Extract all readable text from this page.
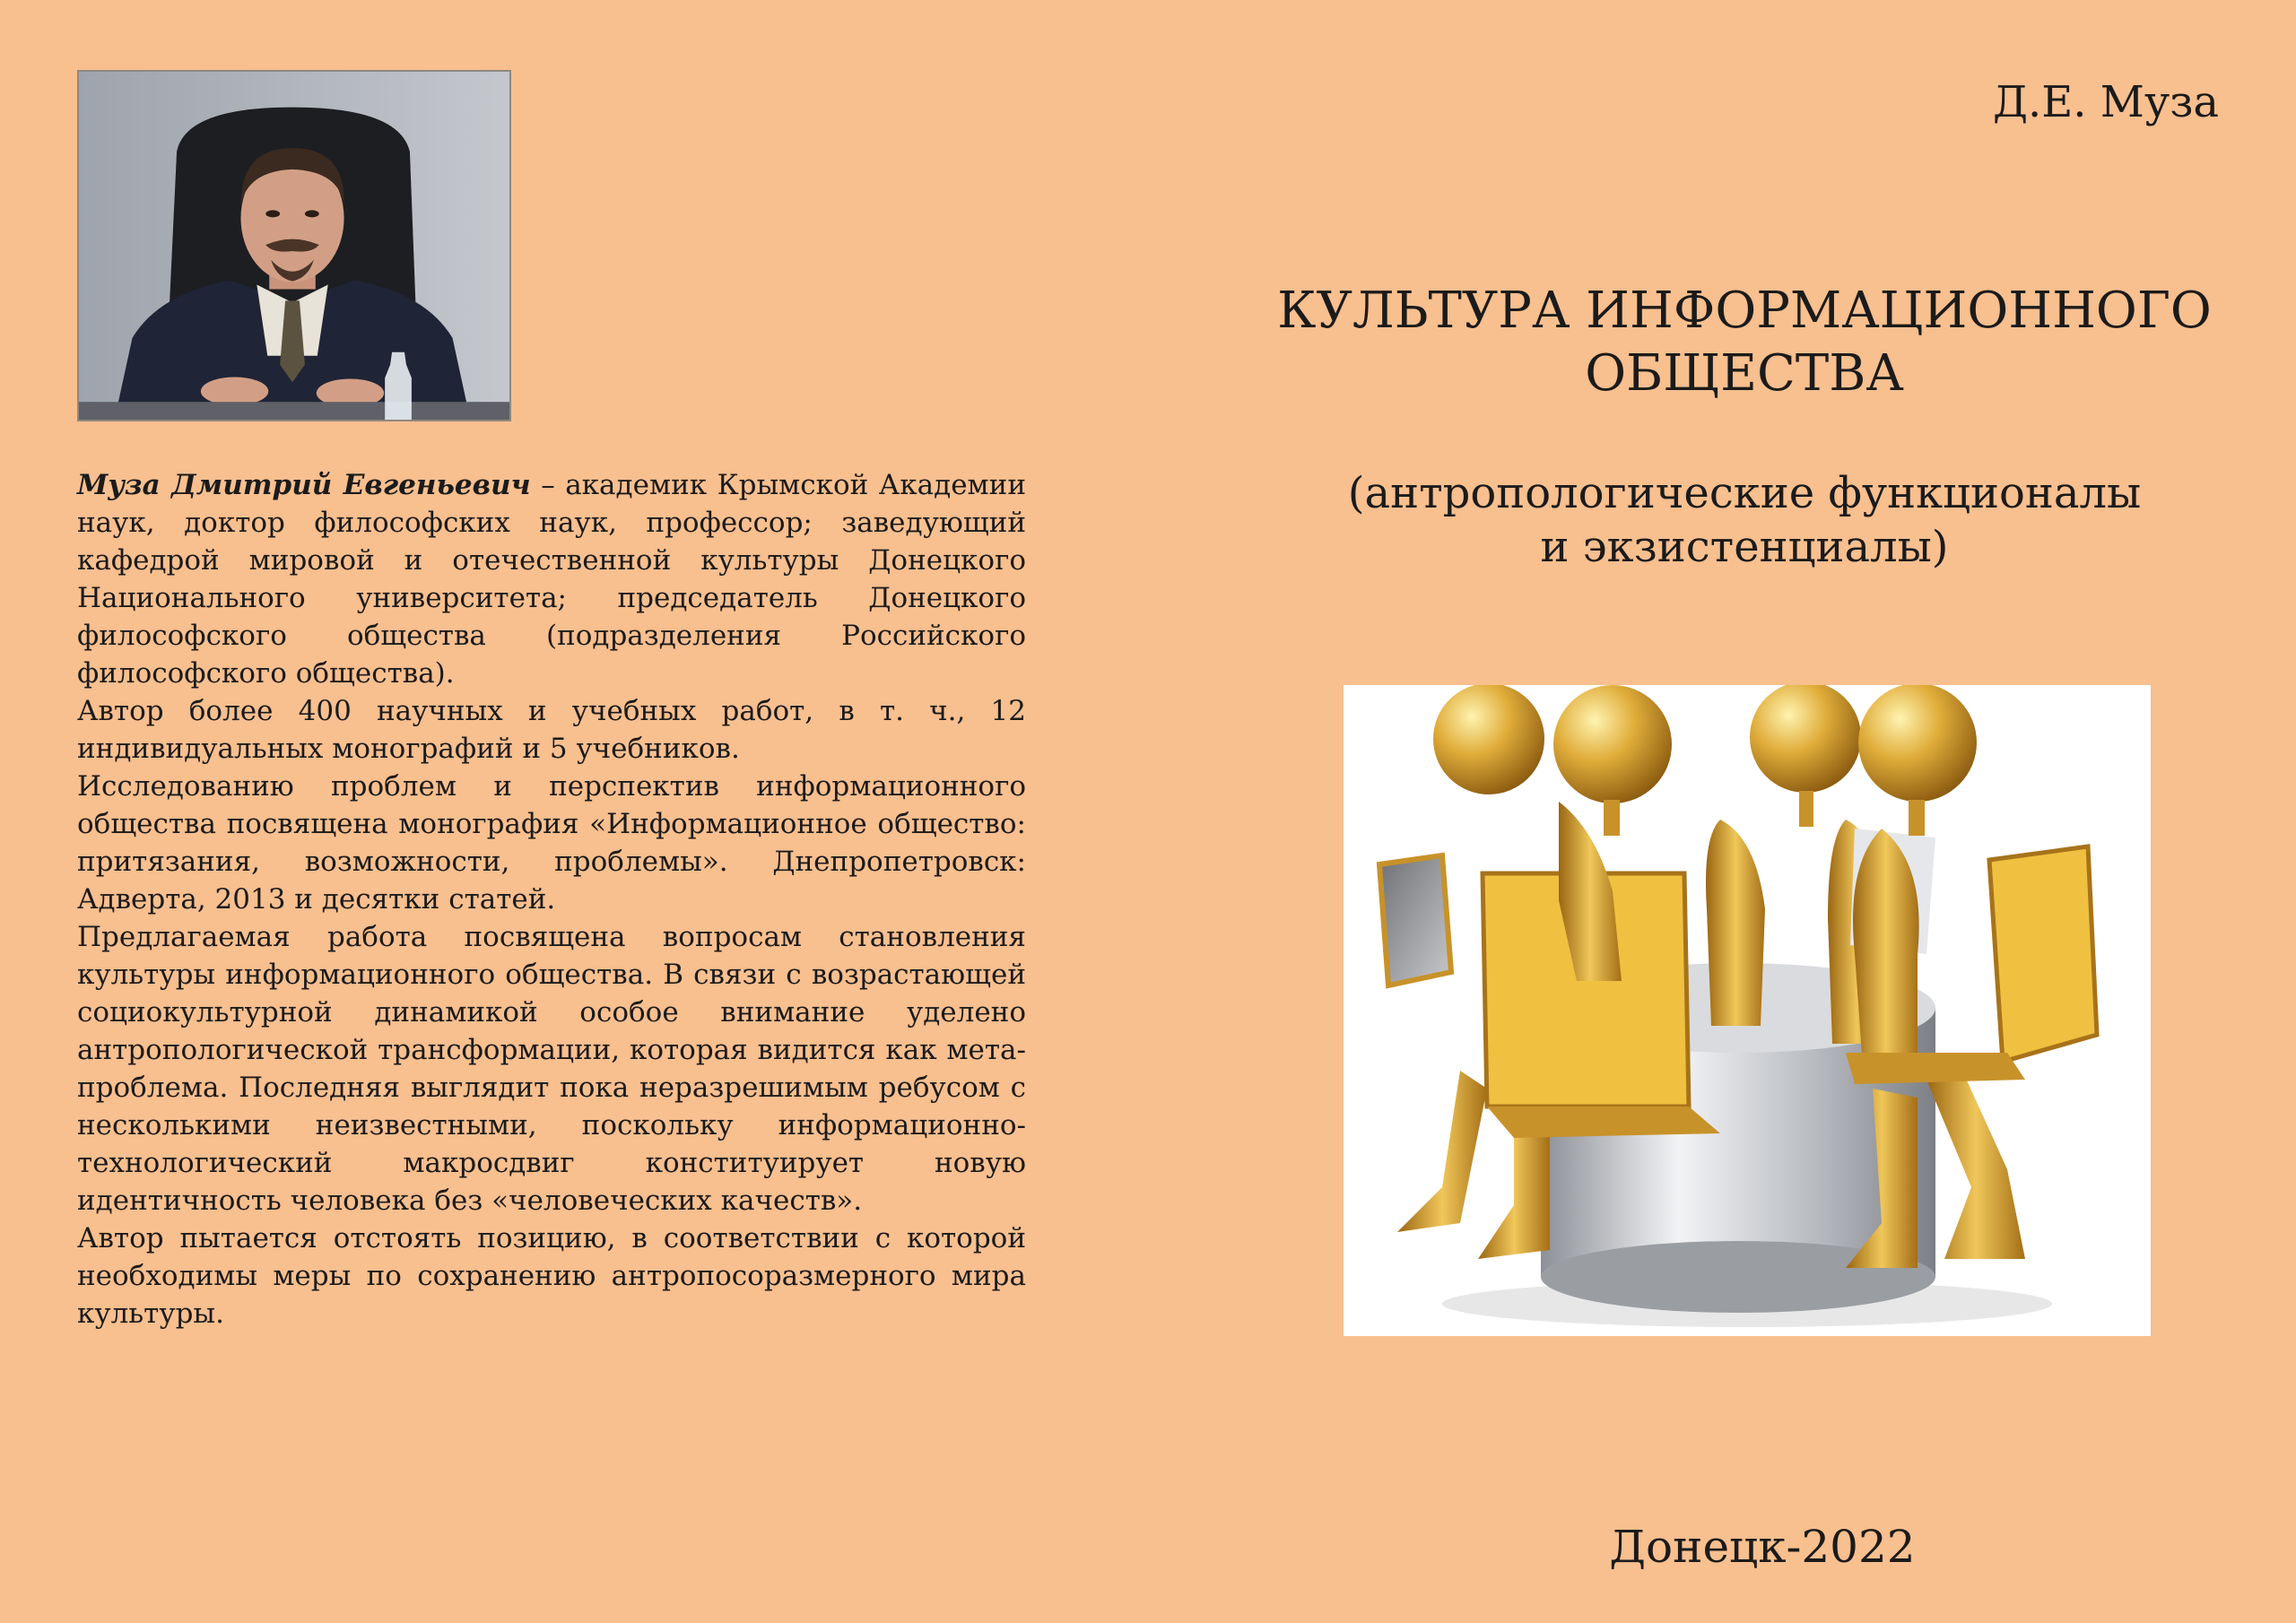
Муза Дмитрий Евгеньевич – академик Крымской Академии наук, доктор философских наук, профессор; заведующий кафедрой мировой и отечественной культуры Донецкого Национального университета; председатель Донецкого философского общества (подразделения Российского философского общества).

Автор более 400 научных и учебных работ, в т. ч., 12 индивидуальных монографий и 5 учебников.

Исследованию проблем и перспектив информационного общества посвящена монография «Информационное общество: притязания, возможности, проблемы». Днепропетровск: Адверта, 2013 и десятки статей.

Предлагаемая работа посвящена вопросам становления культуры информационного общества. В связи с возрастающей социокультурной динамикой особое внимание уделено антропологической трансформации, которая видится как мета-проблема. Последняя выглядит пока неразрешимым ребусом с несколькими неизвестными, поскольку информационно-технологический макросдвиг конституирует новую идентичность человека без «человеческих качеств».

Автор пытается отстоять позицию, в соответствии с которой необходимы меры по сохранению антропосоразмерного мира культуры.

Д.Е. Муза
КУЛЬТУРА ИНФОРМАЦИОННОГО
ОБЩЕСТВА
(антропологические функционалы
и экзистенциалы)
Донецк-2022
